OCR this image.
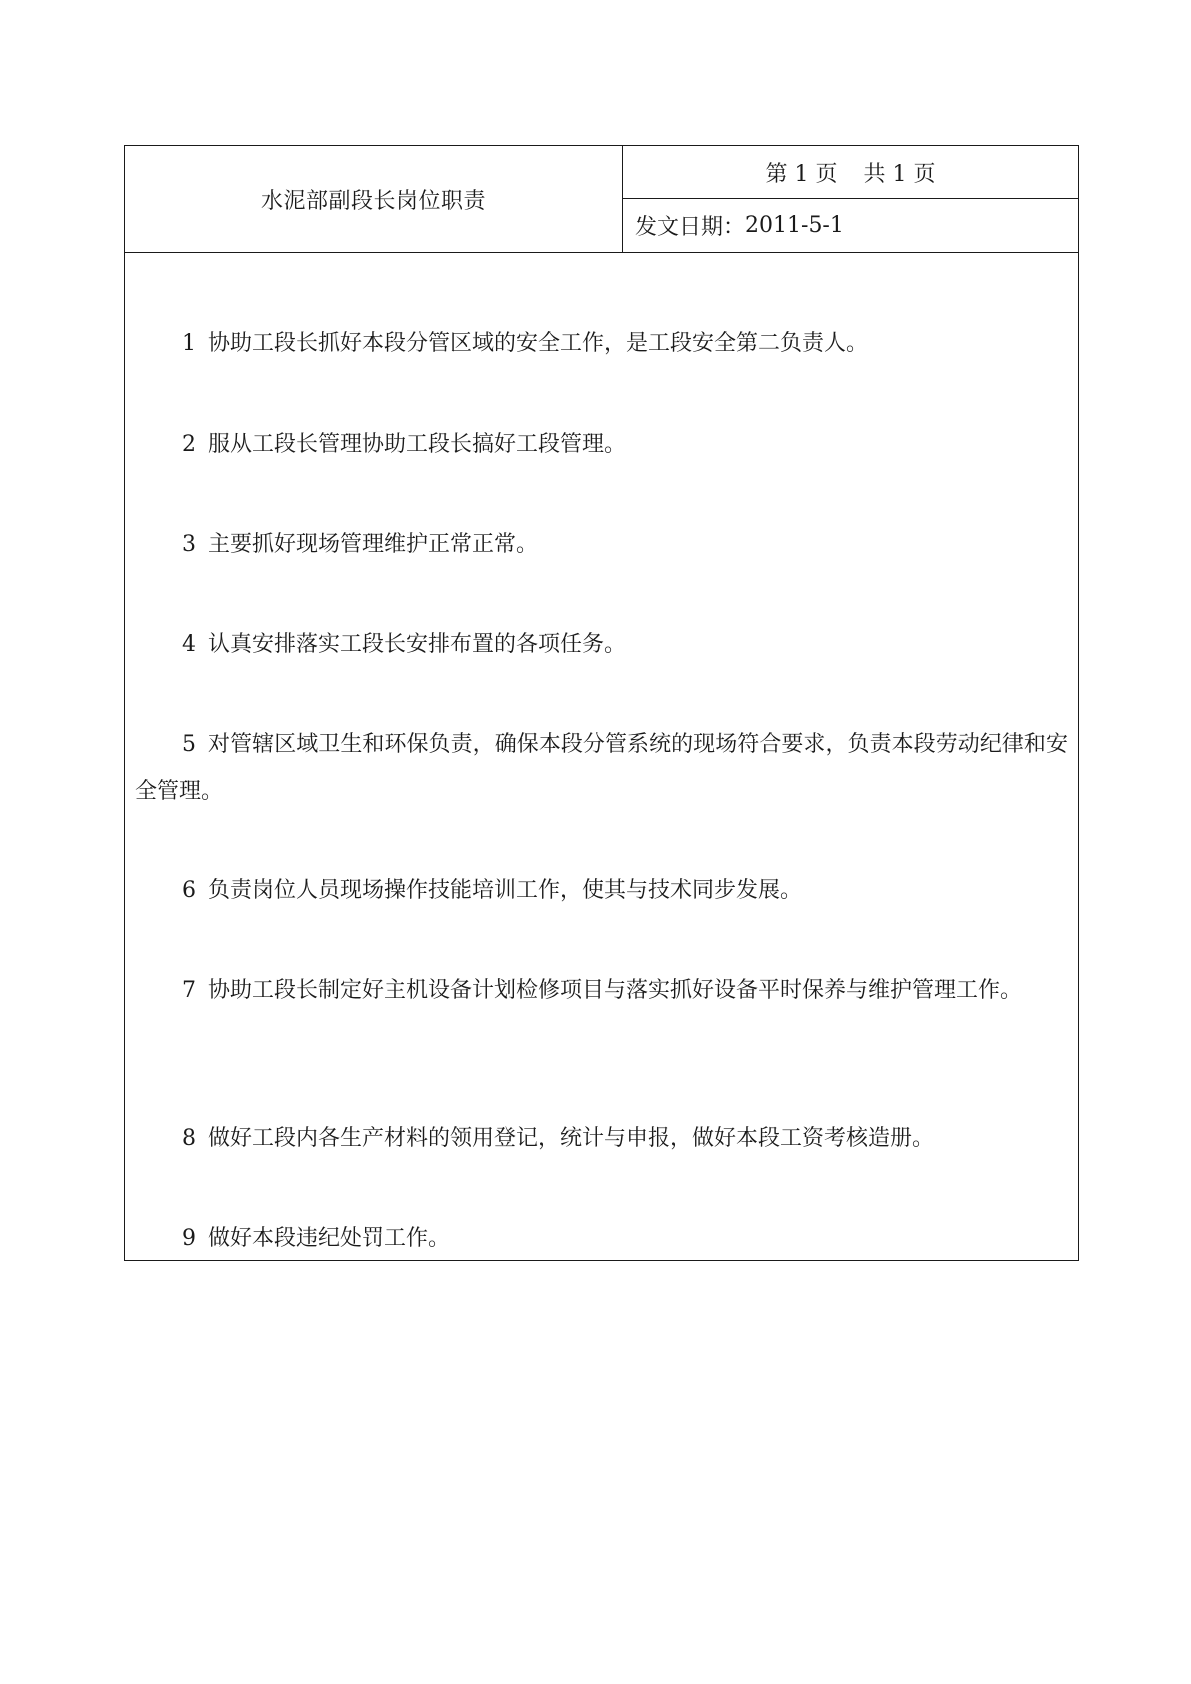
水泥部副段长岗位职责
第 1 页 共 1 页
发文日期： 2011-5-1
1 协助工段长抓好本段分管区域的安全工作，是工段安全第二负责人。
2 服从工段长管理协助工段长搞好工段管理。
3 主要抓好现场管理维护正常正常。
4 认真安排落实工段长安排布置的各项任务。
5 对管辖区域卫生和环保负责，确保本段分管系统的现场符合要求，负责本段劳动纪律和安全管理。
6 负责岗位人员现场操作技能培训工作，使其与技术同步发展。
7 协助工段长制定好主机设备计划检修项目与落实抓好设备平时保养与维护管理工作。
8 做好工段内各生产材料的领用登记，统计与申报，做好本段工资考核造册。
9 做好本段违纪处罚工作。
